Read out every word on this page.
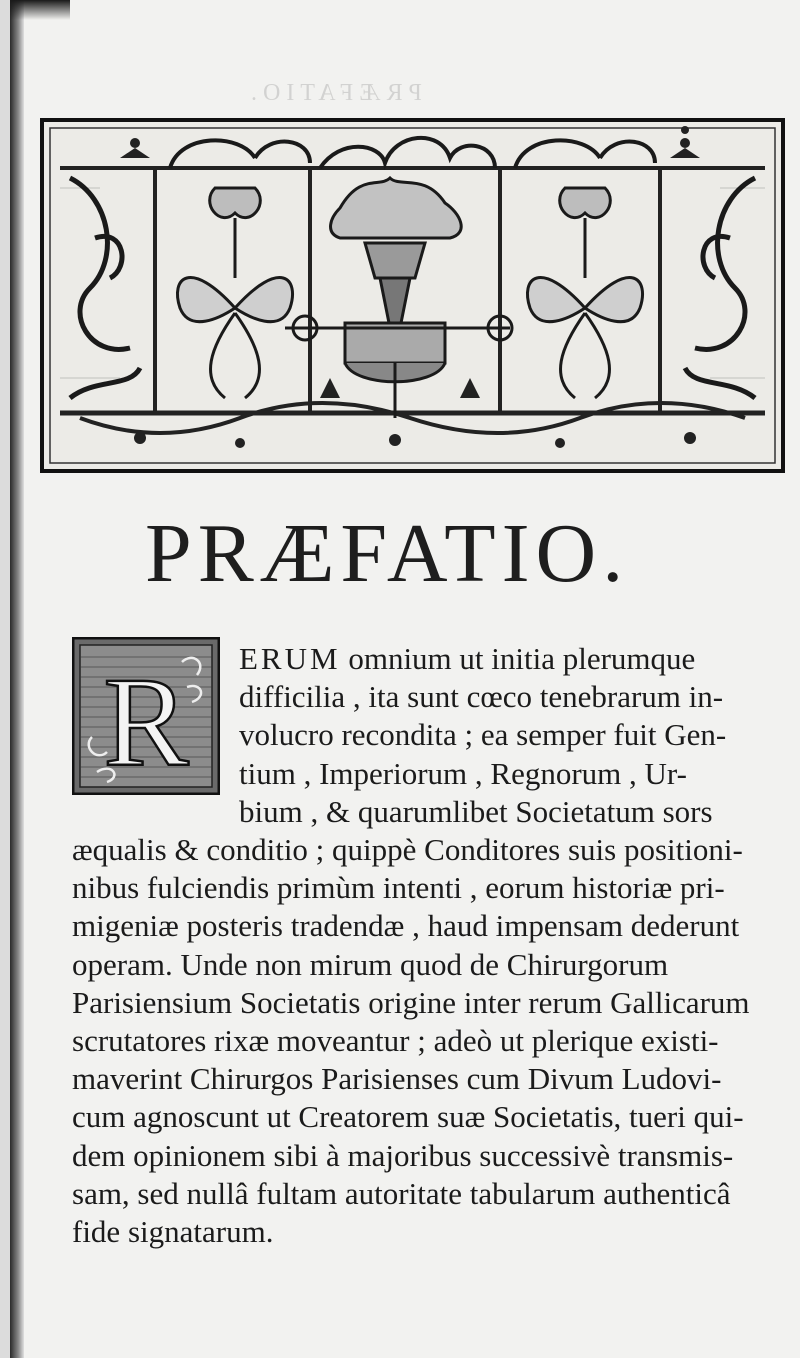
PRÆFATIO.
PRÆFATIO.
R ERUM omnium ut initia plerumque
difficilia , ita sunt cœco tenebrarum in-
volucro recondita ; ea semper fuit Gen-
tium , Imperiorum , Regnorum , Ur-
bium , & quarumlibet Societatum sors
æqualis & conditio ; quippè Conditores suis positioni-
nibus fulciendis primùm intenti , eorum historiæ pri-
migeniæ posteris tradendæ , haud impensam dederunt
operam. Unde non mirum quod de Chirurgorum
Parisiensium Societatis origine inter rerum Gallicarum
scrutatores rixæ moveantur ; adeò ut plerique existi-
maverint Chirurgos Parisienses cum Divum Ludovi-
cum agnoscunt ut Creatorem suæ Societatis, tueri qui-
dem opinionem sibi à majoribus successivè transmis-
sam, sed nullâ fultam autoritate tabularum authenticâ
fide signatarum.
